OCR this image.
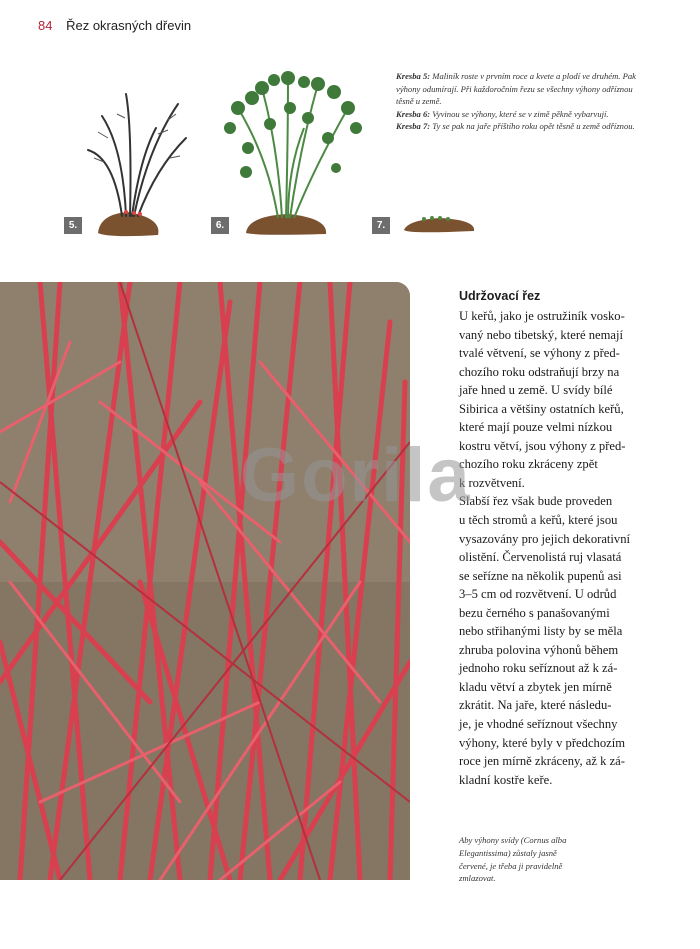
84 Řez okrasných dřevin
5.	6.	7.

Kresba 5: Maliník roste v prvním roce a kvete a plodí ve druhém. Pak výhony odumírají. Při každoročním řezu se všechny výhony odříznou těsně u země.

Kresba 6: Vyvinou se výhony, které se v zimě pěkně vybarvují.

Kresba 7: Ty se pak na jaře příštího roku opět těsně u země odříznou.

Udržovací řez
U keřů, jako je ostružiník vosko-
vaný nebo tibetský, které nemají
tvalé větvení, se výhony z před-
chozího roku odstraňují brzy na
jaře hned u země. U svídy bílé
Sibirica a většiny ostatních keřů,
které mají pouze velmi nízkou
kostru větví, jsou výhony z před-
chozího roku zkráceny zpět
k rozvětvení.
Slabší řez však bude proveden
u těch stromů a keřů, které jsou
vysazovány pro jejich dekorativní
olistění. Červenolistá ruj vlasatá
se seřízne na několik pupenů asi
3–5 cm od rozvětvení. U odrůd
bezu černého s panašovanými
nebo střihanými listy by se měla
zhruba polovina výhonů během
jednoho roku seříznout až k zá-
kladu větví a zbytek jen mírně
zkrátit. Na jaře, které následu-
je, je vhodné seříznout všechny
výhony, které byly v předchozím
roce jen mírně zkráceny, až k zá-
kladní kostře keře.
Aby výhony svídy (Cornus alba
Elegantissima) zůstaly jasně
červené, je třeba ji pravidelně
zmlazovat.
Gorila
